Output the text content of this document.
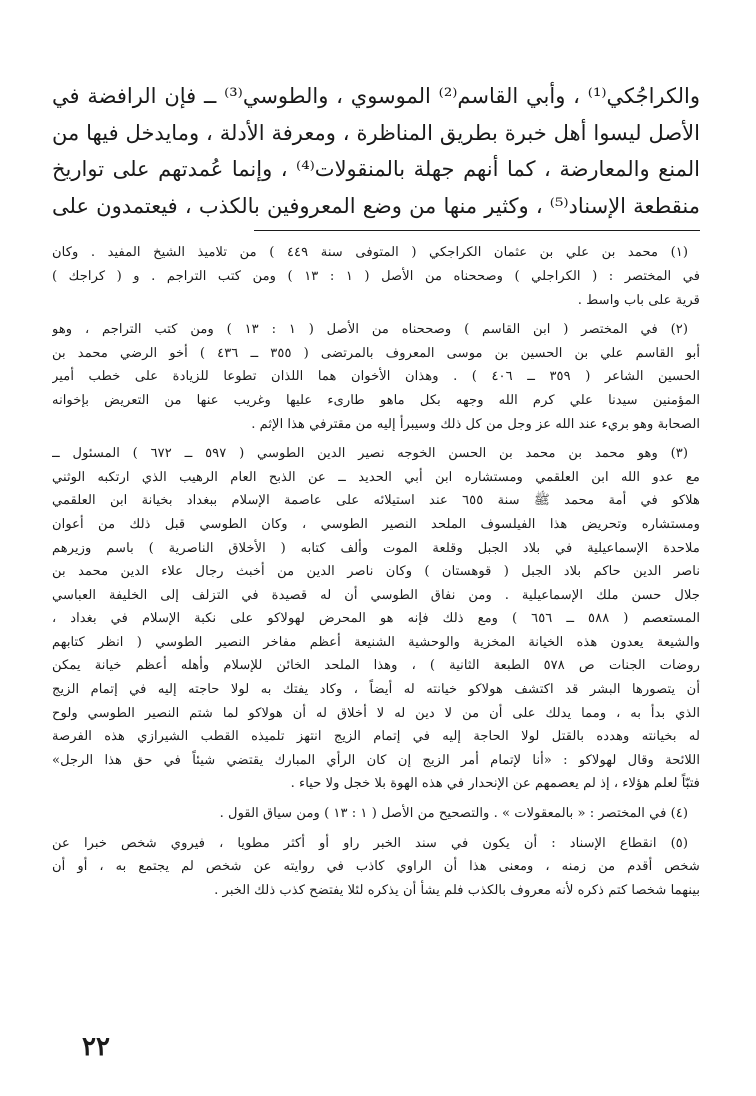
والكراجُكي⁽¹⁾ ، وأبي القاسم⁽²⁾ الموسوي ، والطوسي⁽³⁾ ــ فإن الرافضة في
الأصل ليسوا أهل خبرة بطريق المناظرة ، ومعرفة الأدلة ، ومايدخل فيها من
المنع والمعارضة ، كما أنهم جهلة بالمنقولات⁽⁴⁾ ، وإنما عُمدتهم على تواريخ
منقطعة الإسناد⁽⁵⁾ ، وكثير منها من وضع المعروفين بالكذب ، فيعتمدون على
(١) محمد بن علي بن عثمان الكراجكي ( المتوفى سنة ٤٤٩ ) من تلاميذ الشيخ المفيد . وكان
في المختصر : ( الكراجلي ) وصححناه من الأصل ( ١ : ١٣ ) ومن كتب التراجم . و ( كراجك )
قرية على باب واسط .
(٢) في المختصر ( ابن القاسم ) وصححناه من الأصل ( ١ : ١٣ ) ومن كتب التراجم ، وهو
أبو القاسم علي بن الحسين بن موسى المعروف بالمرتضى ( ٣٥٥ ــ ٤٣٦ ) أخو الرضي محمد بن
الحسين الشاعر ( ٣٥٩ ــ ٤٠٦ ) . وهذان الأخوان هما اللذان تطوعا للزيادة على خطب أمير
المؤمنين سيدنا علي كرم الله وجهه بكل ماهو طارىء عليها وغريب عنها من التعريض بإخوانه
الصحابة وهو بريء عند الله عز وجل من كل ذلك وسيبرأ إليه من مقترفي هذا الإثم .
(٣) وهو محمد بن محمد بن الحسن الخوجه نصير الدين الطوسي ( ٥٩٧ ــ ٦٧٢ ) المسئول ــ
مع عدو الله ابن العلقمي ومستشاره ابن أبي الحديد ــ عن الذبح العام الرهيب الذي ارتكبه الوثني
هلاكو في أمة محمد ﷺ سنة ٦٥٥ عند استيلائه على عاصمة الإسلام ببغداد بخيانة ابن العلقمي
ومستشاره وتحريض هذا الفيلسوف الملحد النصير الطوسي ، وكان الطوسي قبل ذلك من أعوان
ملاحدة الإسماعيلية في بلاد الجبل وقلعة الموت وألف كتابه ( الأخلاق الناصرية ) باسم وزيرهم
ناصر الدين حاكم بلاد الجبل ( قوهستان ) وكان ناصر الدين من أخبث رجال علاء الدين محمد بن
جلال حسن ملك الإسماعيلية . ومن نفاق الطوسي أن له قصيدة في التزلف إلى الخليفة العباسي
المستعصم ( ٥٨٨ ــ ٦٥٦ ) ومع ذلك فإنه هو المحرض لهولاكو على نكبة الإسلام في بغداد ،
والشيعة يعدون هذه الخيانة المخزية والوحشية الشنيعة أعظم مفاخر النصير الطوسي ( انظر كتابهم
روضات الجنات ص ٥٧٨ الطبعة الثانية ) ، وهذا الملحد الخائن للإسلام وأهله أعظم خيانة يمكن
أن يتصورها البشر قد اكتشف هولاكو خيانته له أيضاً ، وكاد يفتك به لولا حاجته إليه في إتمام الزيج
الذي بدأ به ، ومما يدلك على أن من لا دين له لا أخلاق له أن هولاكو لما شتم النصير الطوسي ولوح
له بخيانته وهدده بالقتل لولا الحاجة إليه في إتمام الزيج انتهز تلميذه القطب الشيرازي هذه الفرصة
اللائحة وقال لهولاكو : «أنا لإتمام أمر الزيج إن كان الرأي المبارك يقتضي شيئاً في حق هذا الرجل»
فتبّاً لعلم هؤلاء ، إذ لم يعصمهم عن الإنحدار في هذه الهوة بلا خجل ولا حياء .
(٤) في المختصر : « بالمعقولات » . والتصحيح من الأصل ( ١ : ١٣ ) ومن سياق القول .
(٥) انقطاع الإسناد : أن يكون في سند الخبر راو أو أكثر مطويا ، فيروي شخص خبرا عن
شخص أقدم من زمنه ، ومعنى هذا أن الراوي كاذب في روايته عن شخص لم يجتمع به ، أو أن
بينهما شخصا كتم ذكره لأنه معروف بالكذب فلم يشأ أن يذكره لئلا يفتضح كذب ذلك الخبر .
٢٢
